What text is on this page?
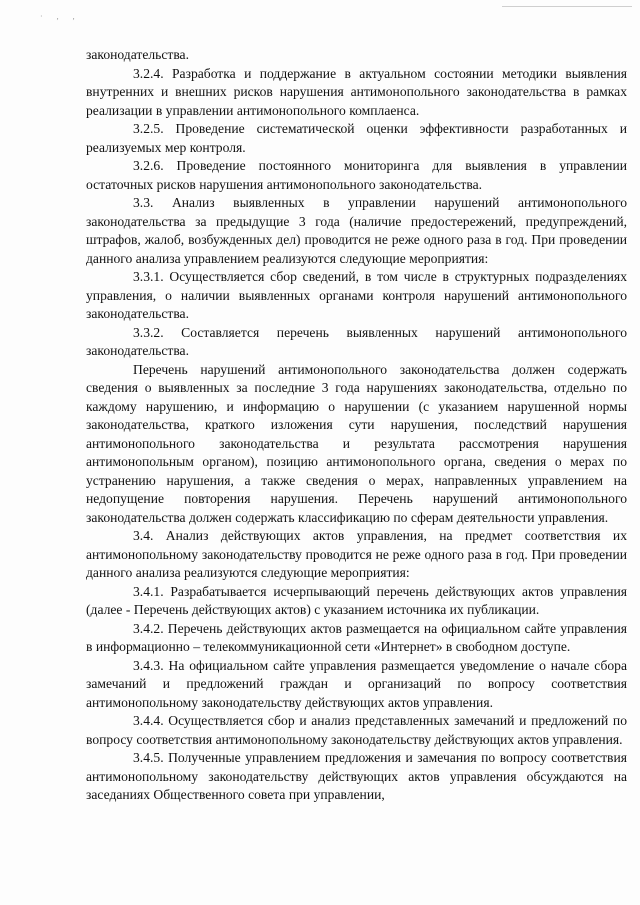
· , ,

законодательства.

3.2.4. Разработка и поддержание в актуальном состоянии методики выявления внутренних и внешних рисков нарушения антимонопольного законодательства в рамках реализации в управлении антимонопольного комплаенса.

3.2.5. Проведение систематической оценки эффективности разработанных и реализуемых мер контроля.

3.2.6. Проведение постоянного мониторинга для выявления в управлении остаточных рисков нарушения антимонопольного законодательства.

3.3. Анализ выявленных в управлении нарушений антимонопольного законодательства за предыдущие 3 года (наличие предостережений, предупреждений, штрафов, жалоб, возбужденных дел) проводится не реже одного раза в год. При проведении данного анализа управлением реализуются следующие мероприятия:

3.3.1. Осуществляется сбор сведений, в том числе в структурных подразделениях управления, о наличии выявленных органами контроля нарушений антимонопольного законодательства.

3.3.2. Составляется перечень выявленных нарушений антимонопольного законодательства.

Перечень нарушений антимонопольного законодательства должен содержать сведения о выявленных за последние 3 года нарушениях законодательства, отдельно по каждому нарушению, и информацию о нарушении (с указанием нарушенной нормы законодательства, краткого изложения сути нарушения, последствий нарушения антимонопольного законодательства и результата рассмотрения нарушения антимонопольным органом), позицию антимонопольного органа, сведения о мерах по устранению нарушения, а также сведения о мерах, направленных управлением на недопущение повторения нарушения. Перечень нарушений антимонопольного законодательства должен содержать классификацию по сферам деятельности управления.

3.4. Анализ действующих актов управления, на предмет соответствия их антимонопольному законодательству проводится не реже одного раза в год. При проведении данного анализа реализуются следующие мероприятия:

3.4.1. Разрабатывается исчерпывающий перечень действующих актов управления (далее - Перечень действующих актов) с указанием источника их публикации.

3.4.2. Перечень действующих актов размещается на официальном сайте управления в информационно – телекоммуникационной сети «Интернет» в свободном доступе.

3.4.3. На официальном сайте управления размещается уведомление о начале сбора замечаний и предложений граждан и организаций по вопросу соответствия антимонопольному законодательству действующих актов управления.

3.4.4. Осуществляется сбор и анализ представленных замечаний и предложений по вопросу соответствия антимонопольному законодательству действующих актов управления.

3.4.5. Полученные управлением предложения и замечания по вопросу соответствия антимонопольному законодательству действующих актов управления обсуждаются на заседаниях Общественного совета при управлении,
